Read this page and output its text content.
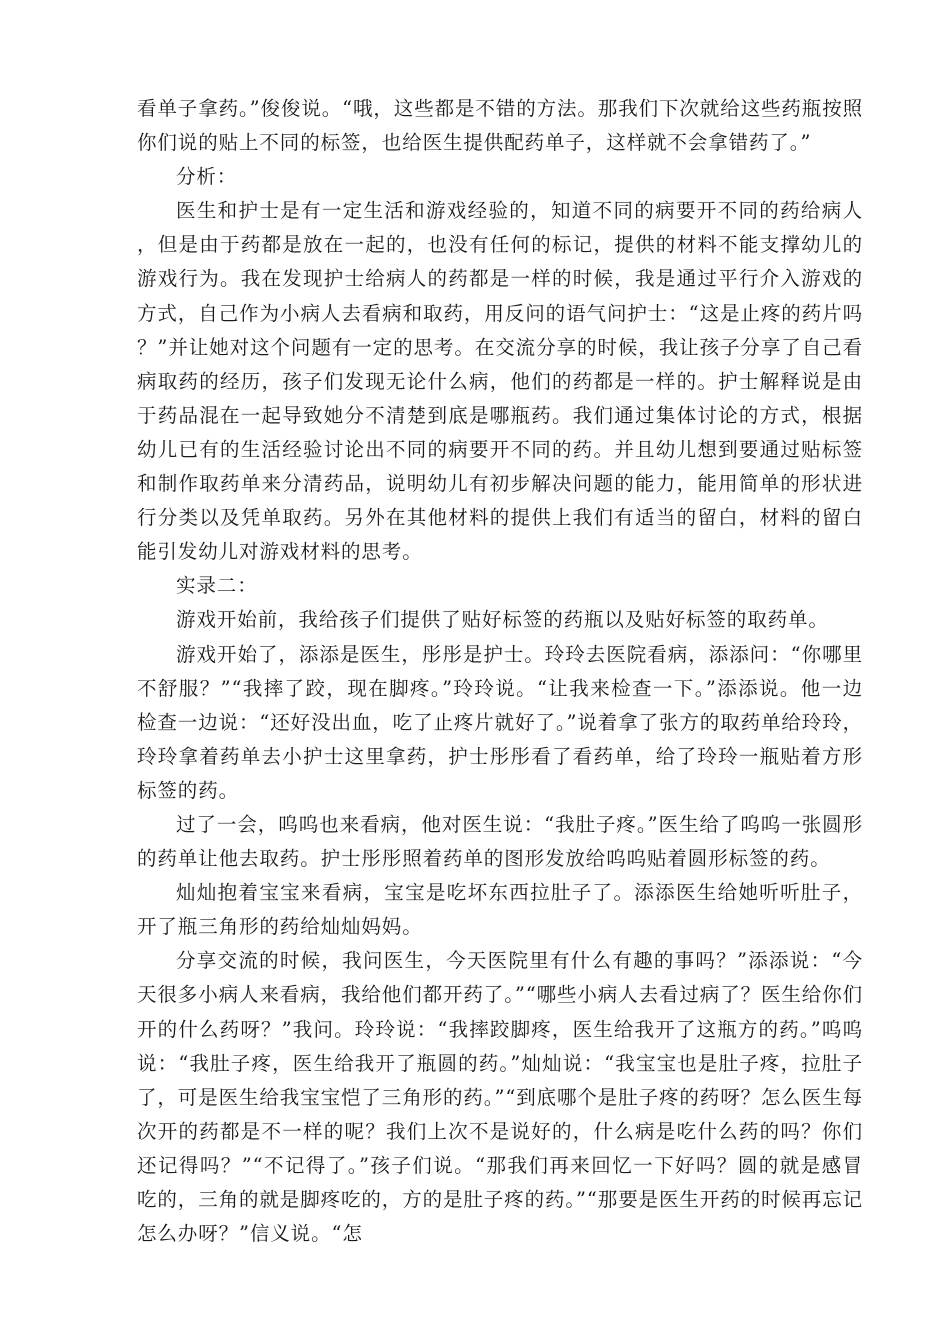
看单子拿药。”俊俊说。“哦，这些都是不错的方法。那我们下次就给这些药瓶按照你们说的贴上不同的标签，也给医生提供配药单子，这样就不会拿错药了。”

分析：

医生和护士是有一定生活和游戏经验的，知道不同的病要开不同的药给病人，但是由于药都是放在一起的，也没有任何的标记，提供的材料不能支撑幼儿的游戏行为。我在发现护士给病人的药都是一样的时候，我是通过平行介入游戏的方式，自己作为小病人去看病和取药，用反问的语气问护士：“这是止疼的药片吗？”并让她对这个问题有一定的思考。在交流分享的时候，我让孩子分享了自己看病取药的经历，孩子们发现无论什么病，他们的药都是一样的。护士解释说是由于药品混在一起导致她分不清楚到底是哪瓶药。我们通过集体讨论的方式，根据幼儿已有的生活经验讨论出不同的病要开不同的药。并且幼儿想到要通过贴标签和制作取药单来分清药品，说明幼儿有初步解决问题的能力，能用简单的形状进行分类以及凭单取药。另外在其他材料的提供上我们有适当的留白，材料的留白能引发幼儿对游戏材料的思考。

实录二：

游戏开始前，我给孩子们提供了贴好标签的药瓶以及贴好标签的取药单。

游戏开始了，添添是医生，彤彤是护士。玲玲去医院看病，添添问：“你哪里不舒服？”“我摔了跤，现在脚疼。”玲玲说。“让我来检查一下。”添添说。他一边检查一边说：“还好没出血，吃了止疼片就好了。”说着拿了张方的取药单给玲玲，玲玲拿着药单去小护士这里拿药，护士彤彤看了看药单，给了玲玲一瓶贴着方形标签的药。

过了一会，呜呜也来看病，他对医生说：“我肚子疼。”医生给了呜呜一张圆形的药单让他去取药。护士彤彤照着药单的图形发放给呜呜贴着圆形标签的药。

灿灿抱着宝宝来看病，宝宝是吃坏东西拉肚子了。添添医生给她听听肚子，开了瓶三角形的药给灿灿妈妈。

分享交流的时候，我问医生，今天医院里有什么有趣的事吗？”添添说：“今天很多小病人来看病，我给他们都开药了。”“哪些小病人去看过病了？医生给你们开的什么药呀？”我问。玲玲说：“我摔跤脚疼，医生给我开了这瓶方的药。”呜呜说：“我肚子疼，医生给我开了瓶圆的药。”灿灿说：“我宝宝也是肚子疼，拉肚子了，可是医生给我宝宝恺了三角形的药。”“到底哪个是肚子疼的药呀？怎么医生每次开的药都是不一样的呢？我们上次不是说好的，什么病是吃什么药的吗？你们还记得吗？”“不记得了。”孩子们说。“那我们再来回忆一下好吗？圆的就是感冒吃的，三角的就是脚疼吃的，方的是肚子疼的药。”“那要是医生开药的时候再忘记怎么办呀？”信义说。“怎
